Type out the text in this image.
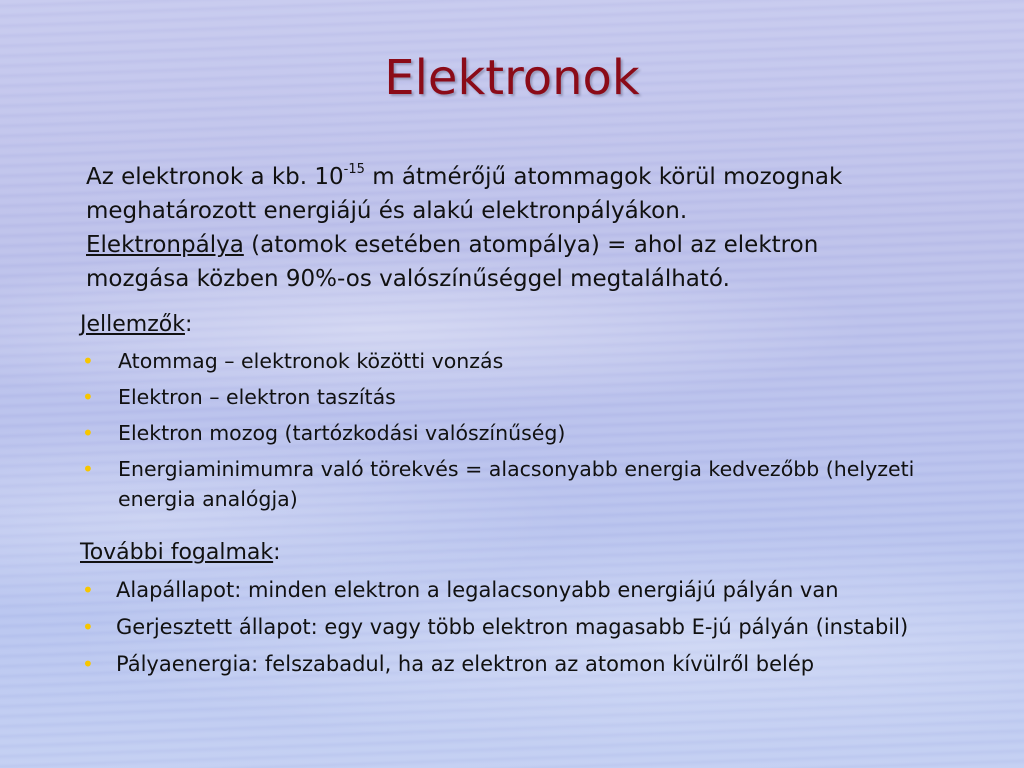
Elektronok
Az elektronok a kb. $10^{-15}$ m átmérőjű atommagok körül mozognak
meghatározott energiájú és alakú elektronpályákon.
Elektronpálya (atomok esetében atompálya) = ahol az elektron
mozgása közben 90%-os valószínűséggel megtalálható.
Jellemzők:
• Atommag – elektronok közötti vonzás
• Elektron – elektron taszítás
• Elektron mozog (tartózkodási valószínűség)
• Energiaminimumra való törekvés = alacsonyabb energia kedvezőbb (helyzeti energia analógja)
További fogalmak:
• Alapállapot: minden elektron a legalacsonyabb energiájú pályán van
• Gerjesztett állapot: egy vagy több elektron magasabb E-jú pályán (instabil)
• Pályaenergia: felszabadul, ha az elektron az atomon kívülről belép
